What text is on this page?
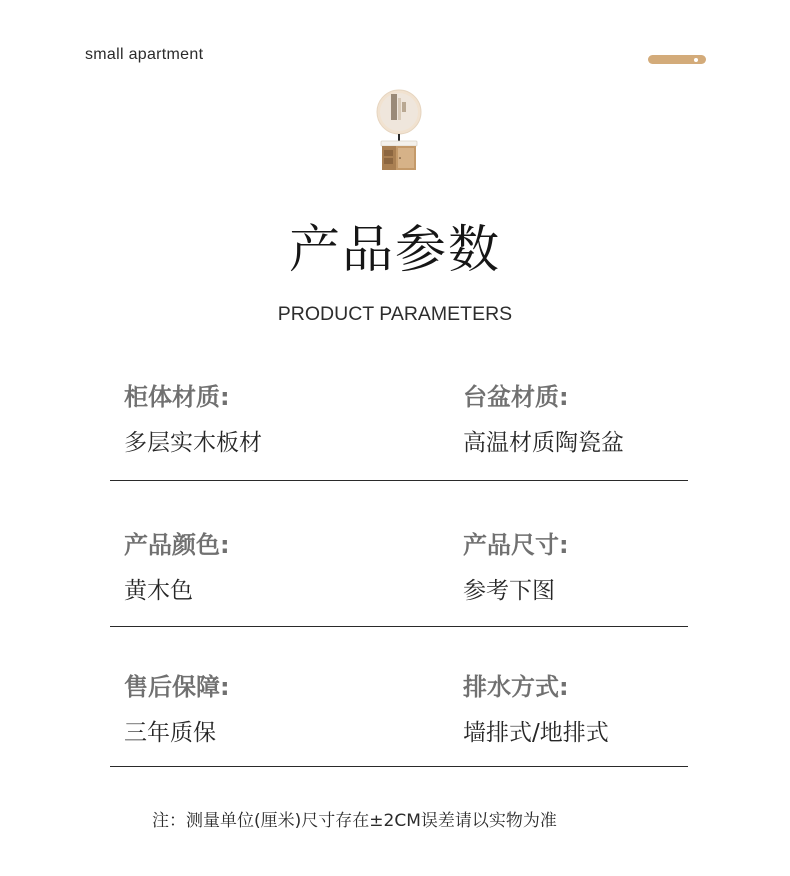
small apartment
产品参数
PRODUCT PARAMETERS
柜体材质:
多层实木板材
台盆材质:
高温材质陶瓷盆
产品颜色:
黄木色
产品尺寸:
参考下图
售后保障:
三年质保
排水方式:
墙排式/地排式
注：测量单位(厘米)尺寸存在±2CM误差请以实物为准
